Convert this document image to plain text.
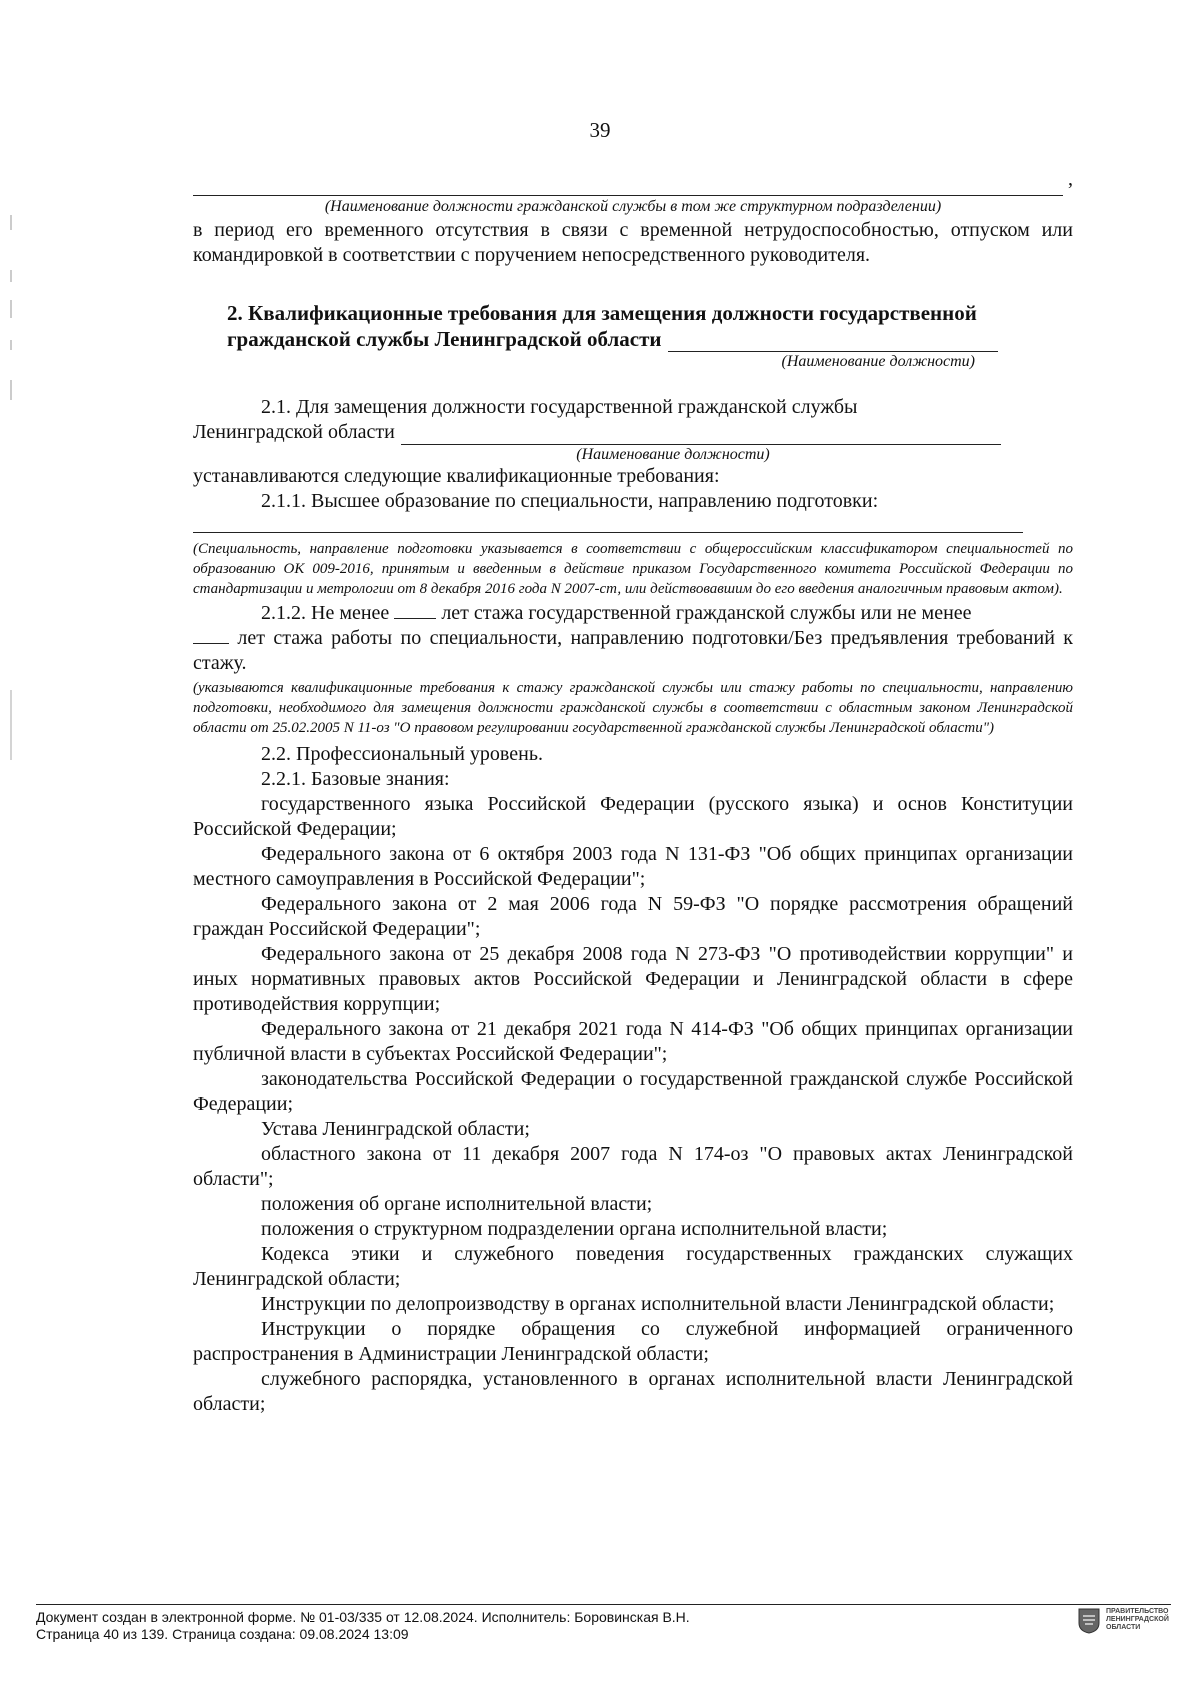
39
,
(Наименование должности гражданской службы в том же структурном подразделении)

в период его временного отсутствия в связи с временной нетрудоспособностью, отпуском или командировкой в соответствии с поручением непосредственного руководителя.

2. Квалификационные требования для замещения должности государственной
гражданской службы Ленинградской области
(Наименование должности)

2.1. Для замещения должности государственной гражданской службы

Ленинградской области
(Наименование должности)

устанавливаются следующие квалификационные требования:

2.1.1. Высшее образование по специальности, направлению подготовки:

(Специальность, направление подготовки указывается в соответствии с общероссийским классификатором специальностей по образованию ОК 009-2016, принятым и введенным в действие приказом Государственного комитета Российской Федерации по стандартизации и метрологии от 8 декабря 2016 года N 2007-ст, или действовавшим до его введения аналогичным правовым актом).

2.1.2. Не менее	лет стажа государственной гражданской службы или не менее

лет стажа работы по специальности, направлению подготовки/Без предъявления требований к стажу.

(указываются квалификационные требования к стажу гражданской службы или стажу работы по специальности, направлению подготовки, необходимого для замещения должности гражданской службы в соответствии с областным законом Ленинградской области от 25.02.2005 N 11-оз "О правовом регулировании государственной гражданской службы Ленинградской области")

2.2. Профессиональный уровень.

2.2.1. Базовые знания:

государственного языка Российской Федерации (русского языка) и основ Конституции Российской Федерации;

Федерального закона от 6 октября 2003 года N 131-ФЗ "Об общих принципах организации местного самоуправления в Российской Федерации";

Федерального закона от 2 мая 2006 года N 59-ФЗ "О порядке рассмотрения обращений граждан Российской Федерации";

Федерального закона от 25 декабря 2008 года N 273-ФЗ "О противодействии коррупции" и иных нормативных правовых актов Российской Федерации и Ленинградской области в сфере противодействия коррупции;

Федерального закона от 21 декабря 2021 года N 414-ФЗ "Об общих принципах организации публичной власти в субъектах Российской Федерации";

законодательства Российской Федерации о государственной гражданской службе Российской Федерации;

Устава Ленинградской области;

областного закона от 11 декабря 2007 года N 174-оз "О правовых актах Ленинградской области";

положения об органе исполнительной власти;

положения о структурном подразделении органа исполнительной власти;

Кодекса этики и служебного поведения государственных гражданских служащих Ленинградской области;

Инструкции по делопроизводству в органах исполнительной власти Ленинградской области;

Инструкции о порядке обращения со служебной информацией ограниченного распространения в Администрации Ленинградской области;

служебного распорядка, установленного в органах исполнительной власти Ленинградской области;

Документ создан в электронной форме. № 01-03/335 от 12.08.2024. Исполнитель: Боровинская В.Н.
Страница 40 из 139. Страница создана: 09.08.2024 13:09
ПРАВИТЕЛЬСТВО ЛЕНИНГРАДСКОЙ ОБЛАСТИ
